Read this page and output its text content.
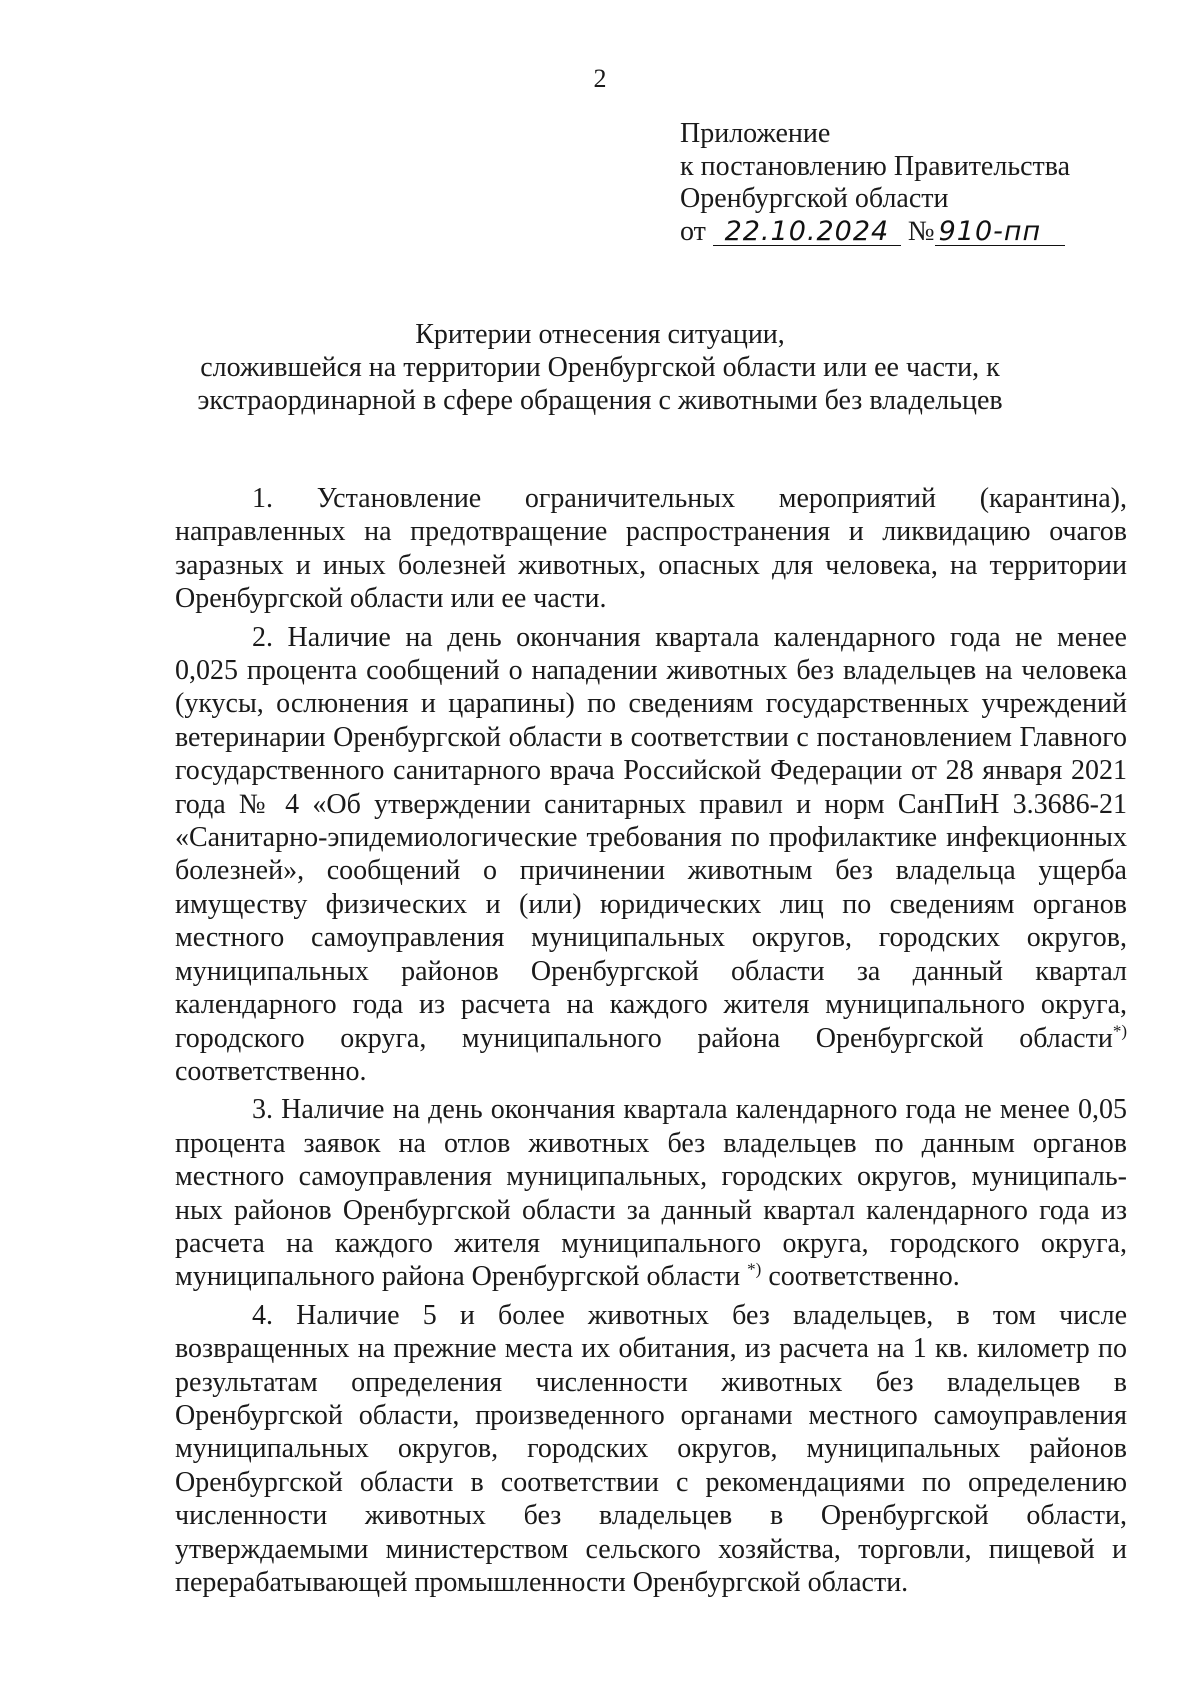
2
Приложение
к постановлению Правительства
Оренбургской области
от 22.10.2024 № 910-пп
Критерии отнесения ситуации,
сложившейся на территории Оренбургской области или ее части, к
экстраординарной в сфере обращения с животными без владельцев

1. Установление ограничительных мероприятий (карантина), направленных на предотвращение распространения и ликвидацию очагов заразных и иных болезней животных, опасных для человека, на территории Оренбургской области или ее части.

2. Наличие на день окончания квартала календарного года не менее 0,025 процента сообщений о нападении животных без владельцев на человека (укусы, ослюнения и царапины) по сведениям государственных учреждений ветеринарии Оренбургской области в соответствии с постановлением Главного государственного санитарного врача Российской Федерации от 28 января 2021 года № 4 «Об утверждении санитарных правил и норм СанПиН 3.3686-21 «Санитарно-эпидемиологические требования по профилактике инфекционных болезней», сообщений о причинении животным без владельца ущерба имуществу физических и (или) юридических лиц по сведениям органов местного самоуправления муниципальных округов, городских округов, муниципальных районов Оренбургской области за данный квартал календарного года из расчета на каждого жителя муниципального округа, городского округа, муниципального района Оренбургской области*) соответственно.

3. Наличие на день окончания квартала календарного года не менее 0,05 процента заявок на отлов животных без владельцев по данным органов местного самоуправления муниципальных, городских округов, муниципальных районов Оренбургской области за данный квартал календарного года из расчета на каждого жителя муниципального округа, городского округа, муниципального района Оренбургской области *) соответственно.

4. Наличие 5 и более животных без владельцев, в том числе возвращенных на прежние места их обитания, из расчета на 1 кв. километр по результатам определения численности животных без владельцев в Оренбургской области, произведенного органами местного самоуправления муниципальных округов, городских округов, муниципальных районов Оренбургской области в соответствии с рекомендациями по определению численности животных без владельцев в Оренбургской области, утверждаемыми министерством сельского хозяйства, торговли, пищевой и перерабатывающей промышленности Оренбургской области.
